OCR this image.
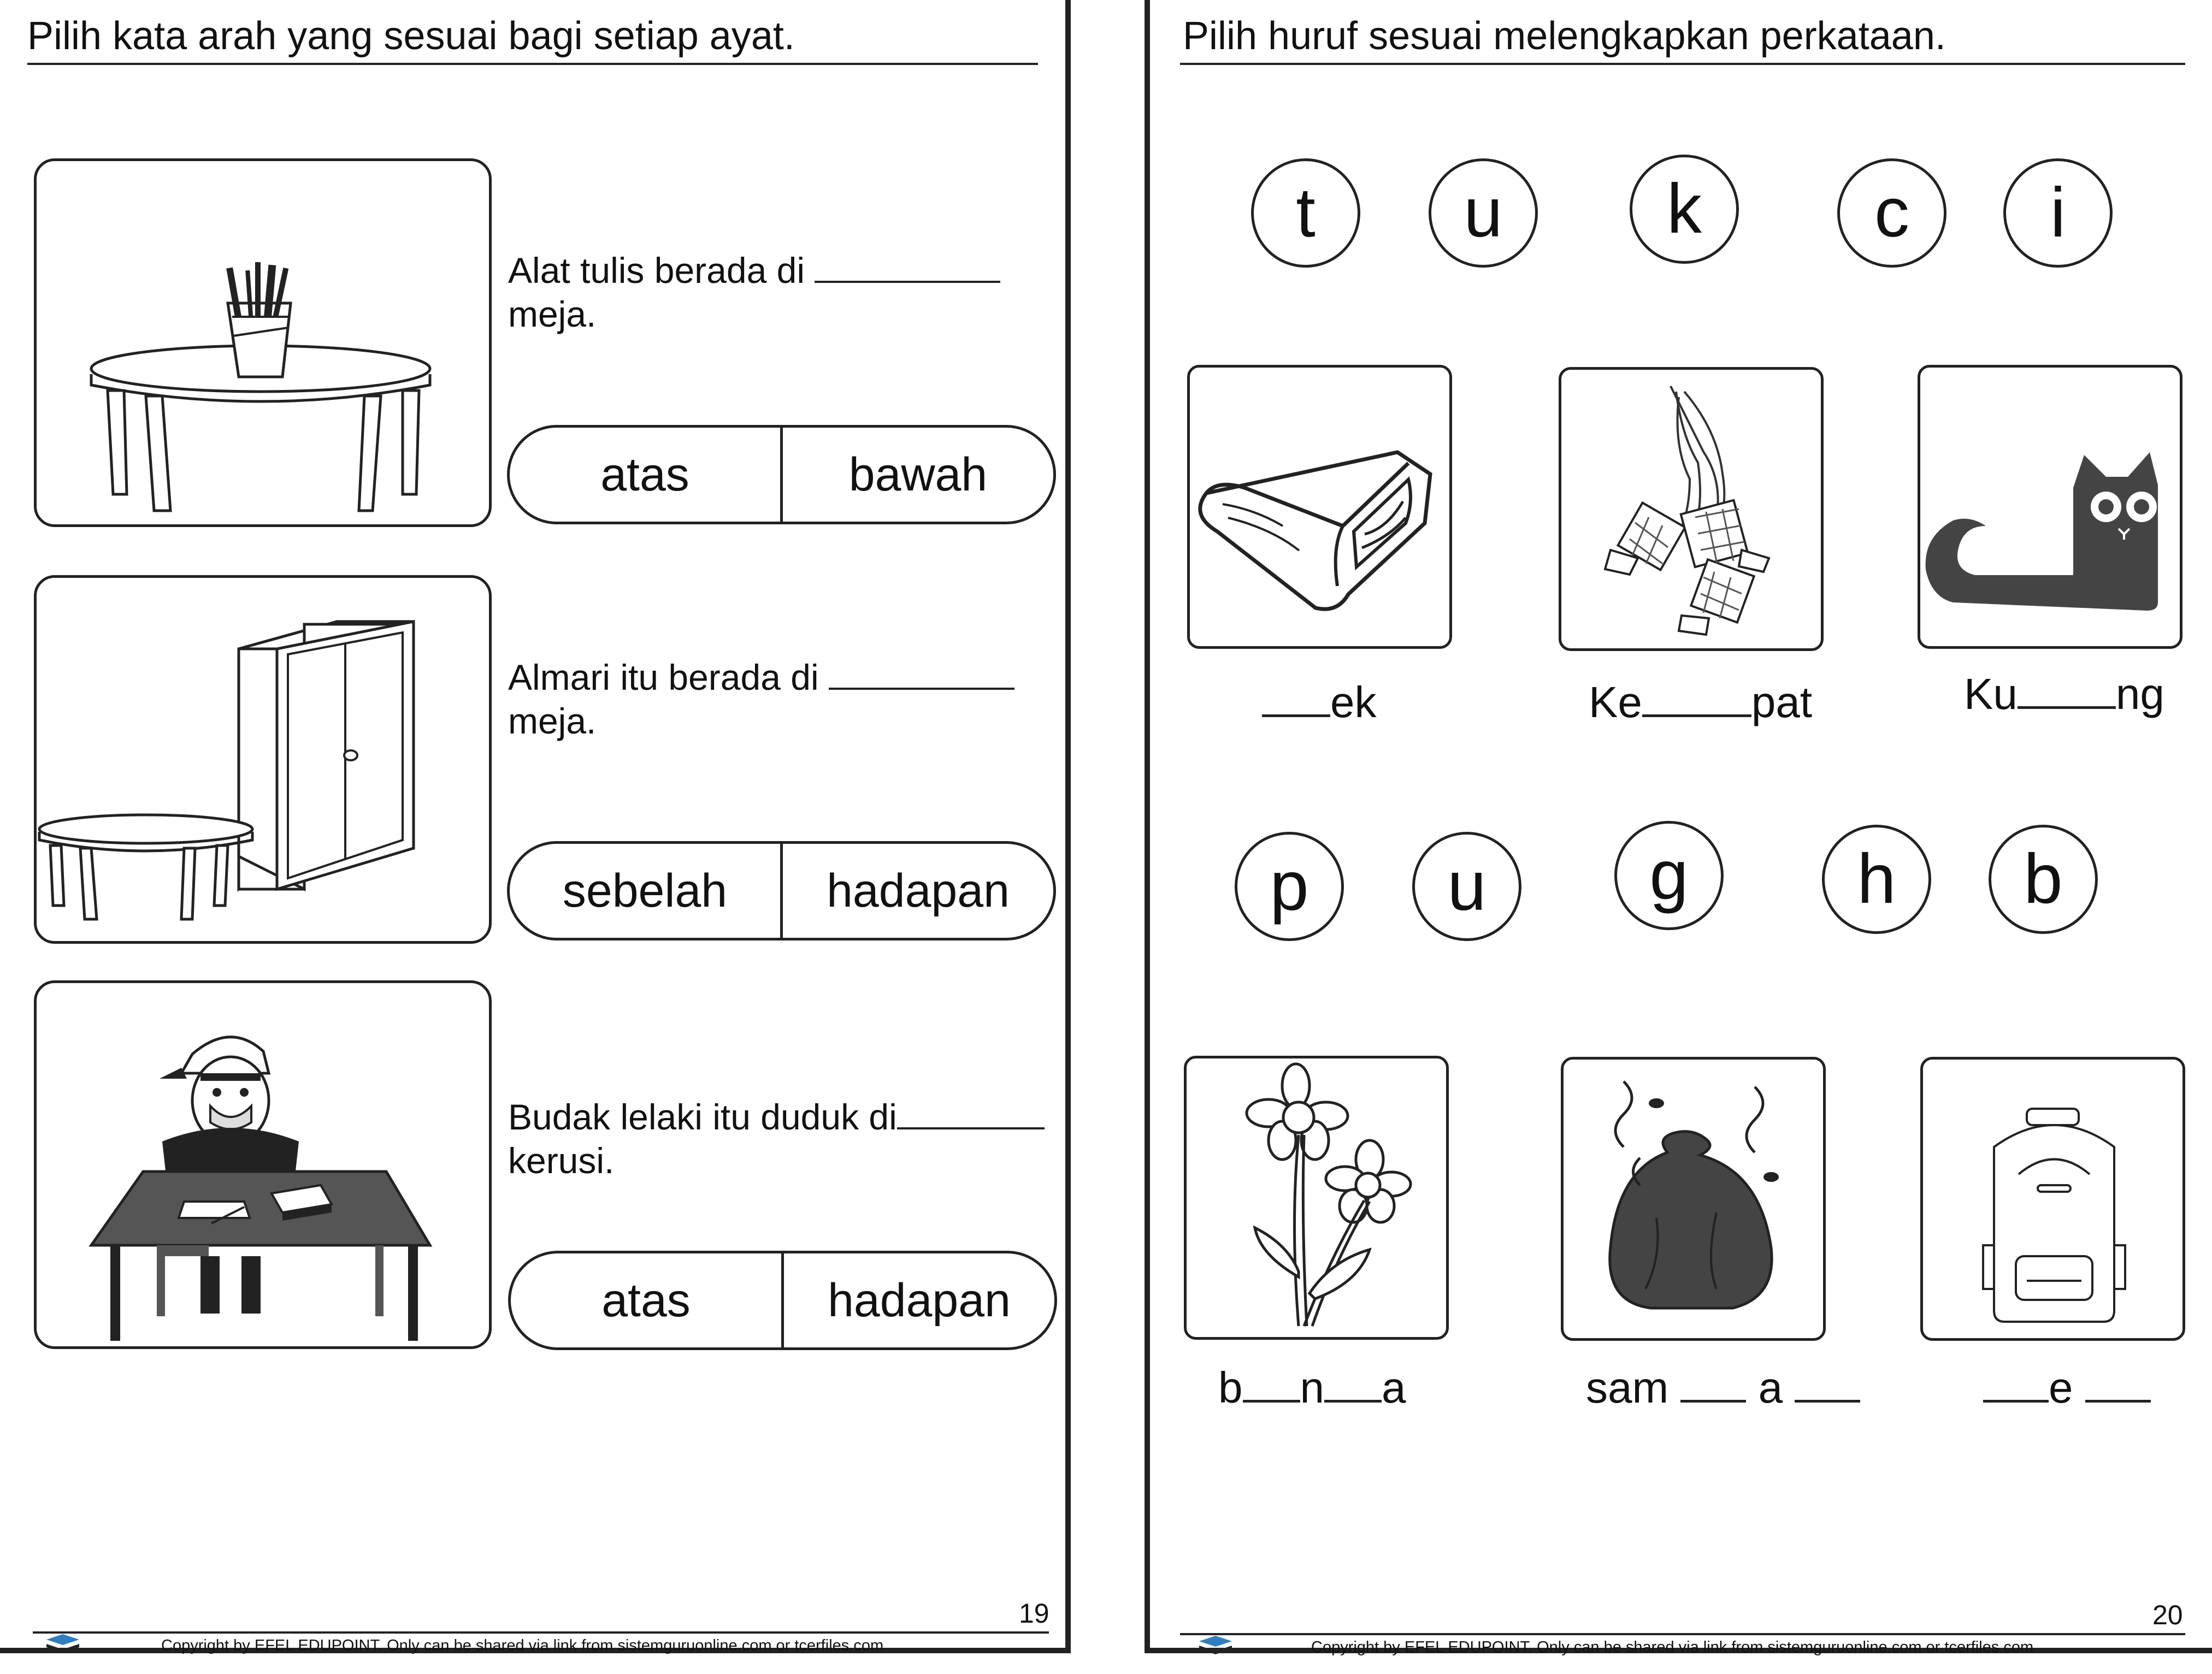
Pilih kata arah yang sesuai bagi setiap ayat.
Alat tulis berada di
meja.
atas	bawah
Almari itu berada di
meja.
sebelah	hadapan
Budak lelaki itu duduk di
kerusi.
atas	hadapan
19
Copyright by EFEL EDUPOINT. Only can be shared via link from sistemguruonline.com or tcerfiles.com
Pilih huruf sesuai melengkapkan perkataan.
t	u	k	c	i
ek	Ke	pat	Ku ng
p	u	g	h	b
b n a	sam a	e
20
Copyright by EFEL EDUPOINT. Only can be shared via link from sistemguruonline.com or tcerfiles.com
